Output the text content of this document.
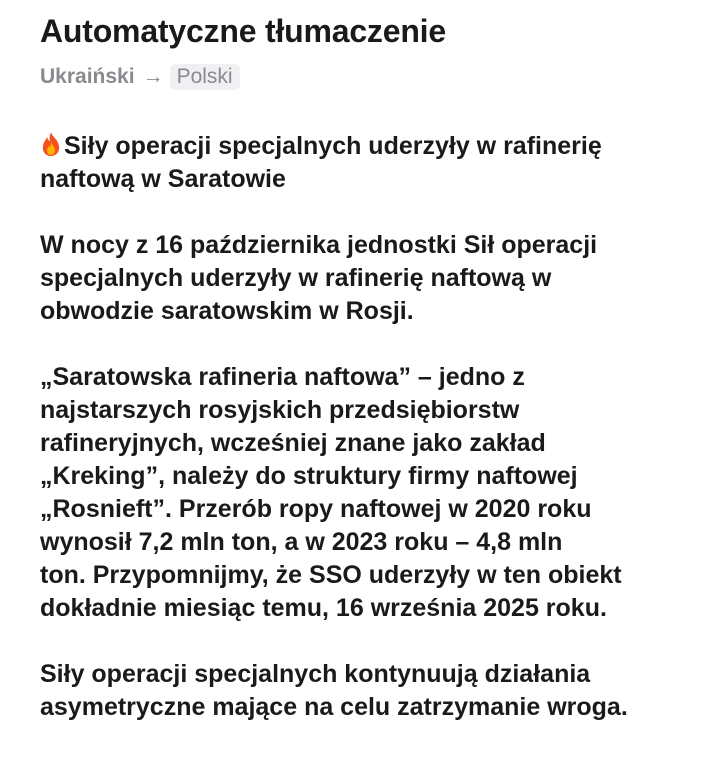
Automatyczne tłumaczenie
Ukraiński → Polski

Siły operacji specjalnych uderzyły w rafinerię
naftową w Saratowie

W nocy z 16 października jednostki Sił operacji
specjalnych uderzyły w rafinerię naftową w
obwodzie saratowskim w Rosji.

„Saratowska rafineria naftowa” – jedno z
najstarszych rosyjskich przedsiębiorstw
rafineryjnych, wcześniej znane jako zakład
„Kreking”, należy do struktury firmy naftowej
„Rosnieft”. Przerób ropy naftowej w 2020 roku
wynosił 7,2 mln ton, a w 2023 roku – 4,8 mln
ton. Przypomnijmy, że SSO uderzyły w ten obiekt
dokładnie miesiąc temu, 16 września 2025 roku.

Siły operacji specjalnych kontynuują działania
asymetryczne mające na celu zatrzymanie wroga.
